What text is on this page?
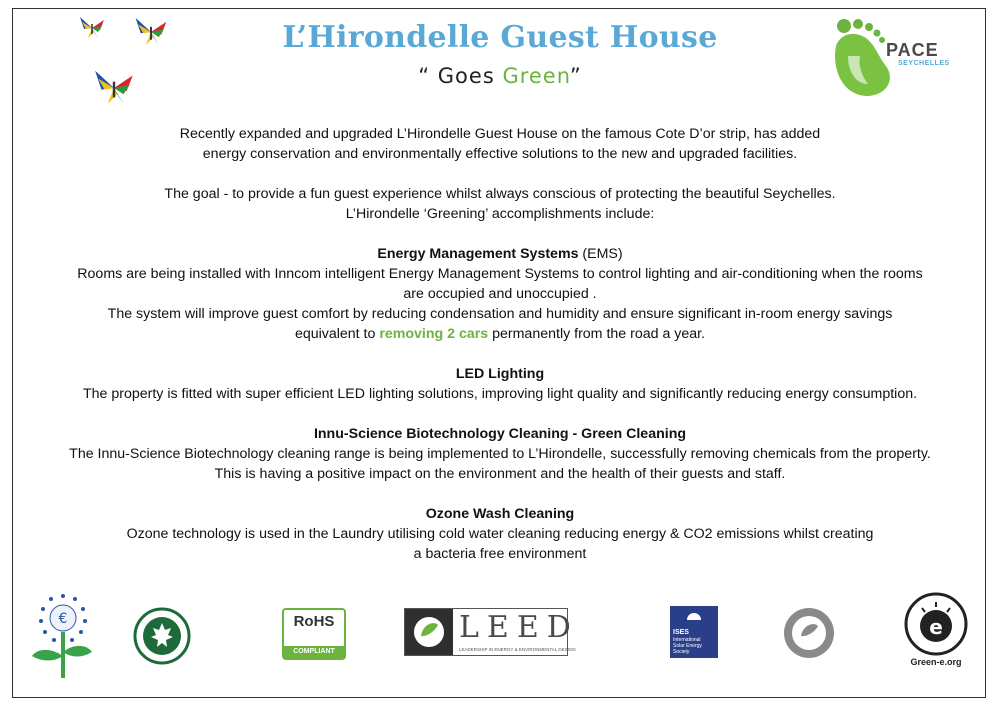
PACE
SEYCHELLES
L’Hirondelle Guest House
“ Goes Green”

Recently expanded and upgraded L’Hirondelle Guest House on the famous Cote D’or strip, has added

energy conservation and environmentally effective solutions to the new and upgraded facilities.

The goal - to provide a fun guest experience whilst always conscious of protecting the beautiful Seychelles.

L’Hirondelle ‘Greening’ accomplishments include:

Energy Management Systems (EMS)

Rooms are being installed with Inncom intelligent Energy Management Systems to control lighting and air-conditioning when the rooms

are occupied and unoccupied .

The system will improve guest comfort by reducing condensation and humidity and ensure significant in-room energy savings

equivalent to removing 2 cars permanently from the road a year.

LED Lighting

The property is fitted with super efficient LED lighting solutions, improving light quality and significantly reducing energy consumption.

Innu-Science Biotechnology Cleaning - Green Cleaning

The Innu-Science Biotechnology cleaning range is being implemented to L’Hirondelle, successfully removing chemicals from the property.

This is having a positive impact on the environment and the health of their guests and staff.

Ozone Wash Cleaning

Ozone technology is used in the Laundry utilising cold water cleaning reducing energy & CO2 emissions whilst creating

a bacteria free environment

€	RoHS
COMPLIANT
LEED
LEADERSHIP IN ENERGY & ENVIRONMENTAL DESIGN
ISES
International
Solar Energy
Society
USGBC
e
Green-e.org
